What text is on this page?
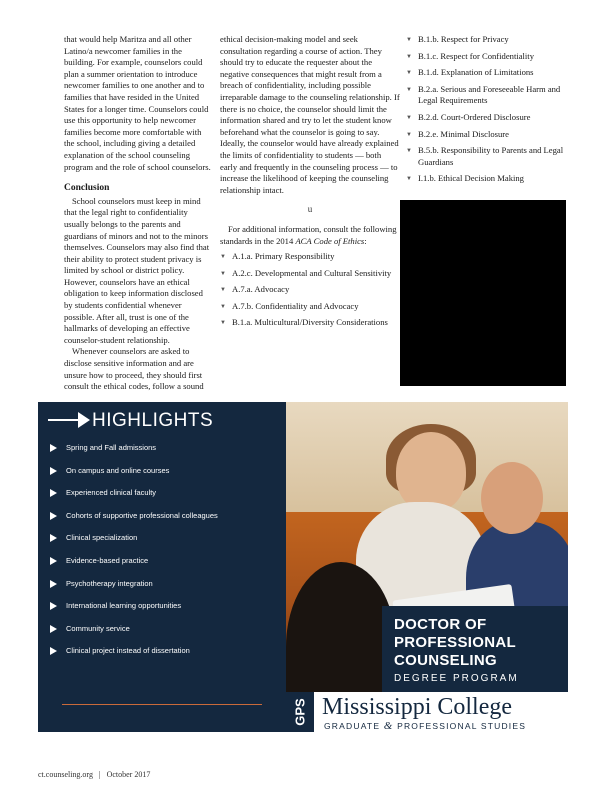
that would help Maritza and all other Latino/a newcomer families in the building. For example, counselors could plan a summer orientation to introduce newcomer families to one another and to families that have resided in the United States for a longer time. Counselors could use this opportunity to help newcomer families become more comfortable with the school, including giving a detailed explanation of the school counseling program and the role of school counselors.

Conclusion

School counselors must keep in mind that the legal right to confidentiality usually belongs to the parents and guardians of minors and not to the minors themselves. Counselors may also find that their ability to protect student privacy is limited by school or district policy. However, counselors have an ethical obligation to keep information disclosed by students confidential whenever possible. After all, trust is one of the hallmarks of developing an effective counselor-student relationship.

Whenever counselors are asked to disclose sensitive information and are unsure how to proceed, they should first consult the ethical codes, follow a sound

ethical decision-making model and seek consultation regarding a course of action. They should try to educate the requester about the negative consequences that might result from a breach of confidentiality, including possible irreparable damage to the counseling relationship. If there is no choice, the counselor should limit the information shared and try to let the student know beforehand what the counselor is going to say. Ideally, the counselor would have already explained the limits of confidentiality to students — both early and frequently in the counseling process — to increase the likelihood of keeping the counseling relationship intact.

u

For additional information, consult the following standards in the 2014 ACA Code of Ethics:

▼ A.1.a. Primary Responsibility
▼ A.2.c. Developmental and Cultural Sensitivity
▼ A.7.a. Advocacy
▼ A.7.b. Confidentiality and Advocacy
▼ B.1.a. Multicultural/Diversity Considerations
▼ B.1.b. Respect for Privacy
▼ B.1.c. Respect for Confidentiality
▼ B.1.d. Explanation of Limitations
▼ B.2.a. Serious and Foreseeable Harm and Legal Requirements
▼ B.2.d. Court-Ordered Disclosure
▼ B.2.e. Minimal Disclosure
▼ B.5.b. Responsibility to Parents and Legal Guardians
▼ I.1.b. Ethical Decision Making
HIGHLIGHTS
Spring and Fall admissions
On campus and online courses
Experienced clinical faculty
Cohorts of supportive professional colleagues
Clinical specialization
Evidence-based practice
Psychotherapy integration
International learning opportunities
Community service
Clinical project instead of dissertation
DOCTOR OF
PROFESSIONAL
COUNSELING
DEGREE PROGRAM
GPS Mississippi College
GRADUATE & PROFESSIONAL STUDIES
ct.counseling.org | October 2017
